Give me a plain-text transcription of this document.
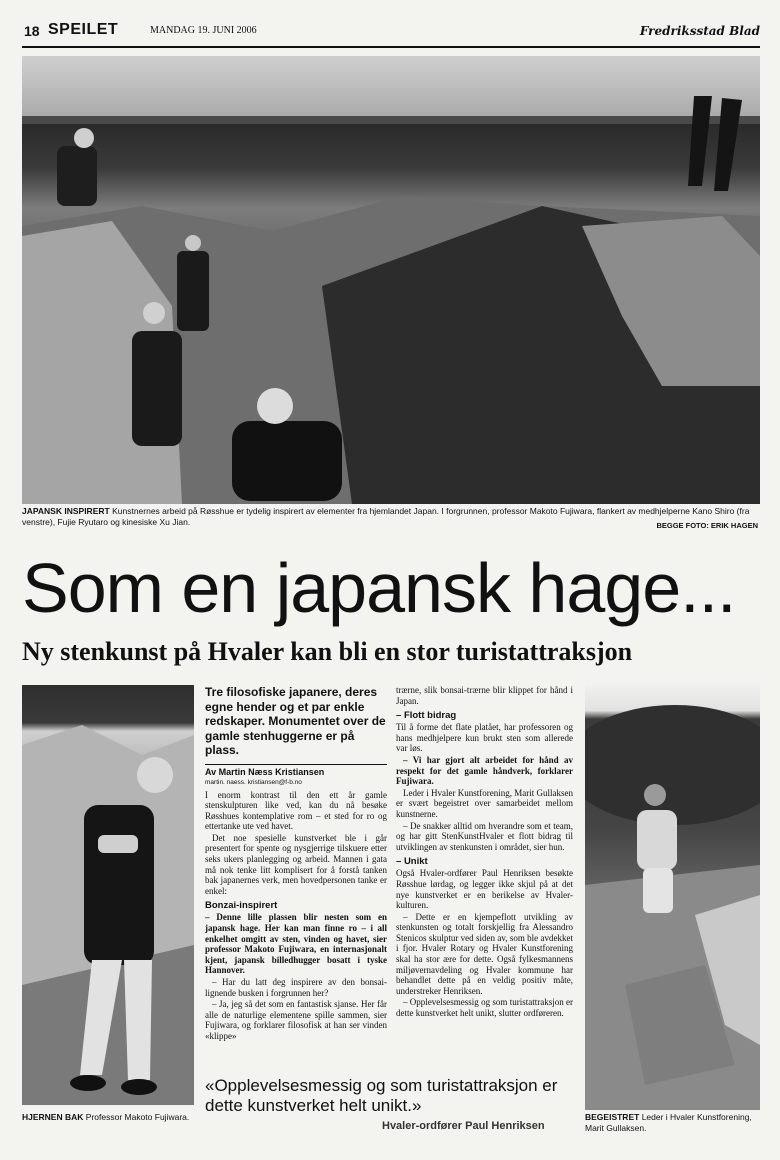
18 SPEILET	MANDAG 19. JUNI 2006	Fredriksstad Blad
JAPANSK INSPIRERT Kunstnernes arbeid på Røsshue er tydelig inspirert av elementer fra hjemlandet Japan. I forgrunnen, professor Makoto Fujiwara, flankert av medhjelperne Kano Shiro (fra venstre), Fujie Ryutaro og kinesiske Xu Jian.	BEGGE FOTO: ERIK HAGEN
Som en japansk hage...
Ny stenkunst på Hvaler kan bli en stor turistattraksjon
Tre filosofiske japanere, deres egne hender og et par enkle redskaper. Monumentet over de gamle stenhuggerne er på plass.
Av Martin Næss Kristiansen
martin. naess. kristiansen@f-b.no

I enorm kontrast til den ett år gamle stenskulpturen like ved, kan du nå besøke Røsshues kontemplative rom – et sted for ro og ettertanke ute ved havet.

Det noe spesielle kunstverket ble i går presentert for spente og nysgjerrige tilskuere etter seks ukers planlegging og arbeid. Mannen i gata må nok tenke litt komplisert for å forstå tanken bak japanernes verk, men hovedpersonen tanke er enkel:

Bonzai-inspirert

– Denne lille plassen blir nesten som en japansk hage. Her kan man finne ro – i all enkelhet omgitt av sten, vinden og havet, sier professor Makoto Fujiwara, en internasjonalt kjent, japansk billedhugger bosatt i tyske Hannover.

– Har du latt deg inspirere av den bonsai-lignende busken i forgrunnen her?

– Ja, jeg så det som en fantastisk sjanse. Her får alle de naturlige elementene spille sammen, sier Fujiwara, og forklarer filosofisk at han ser vinden «klippe»

trærne, slik bonsai-trærne blir klippet for hånd i Japan.

– Flott bidrag

Til å forme det flate platået, har professoren og hans medhjelpere kun brukt sten som allerede var løs.

– Vi har gjort alt arbeidet for hånd av respekt for det gamle håndverk, forklarer Fujiwara.

Leder i Hvaler Kunstforening, Marit Gullaksen er svært begeistret over samarbeidet mellom kunstnerne.

– De snakker alltid om hverandre som et team, og har gitt StenKunstHvaler et flott bidrag til utviklingen av stenkunsten i området, sier hun.

– Unikt

Også Hvaler-ordfører Paul Henriksen besøkte Røsshue lørdag, og legger ikke skjul på at det nye kunstverket er en berikelse av Hvaler-kulturen.

– Dette er en kjempeflott utvikling av stenkunsten og totalt forskjellig fra Alessandro Stenicos skulptur ved siden av, som ble avdekket i fjor. Hvaler Rotary og Hvaler Kunstforening skal ha stor ære for dette. Også fylkesmannens miljøvernavdeling og Hvaler kommune har behandlet dette på en veldig positiv måte, understreker Henriksen.

– Opplevelsesmessig og som turistattraksjon er dette kunstverket helt unikt, slutter ordføreren.

«Opplevelsesmessig og som turistattraksjon er dette kunstverket helt unikt.»
Hvaler-ordfører Paul Henriksen
HJERNEN BAK Professor Makoto Fujiwara.	BEGEISTRET Leder i Hvaler Kunstforening, Marit Gullaksen.
